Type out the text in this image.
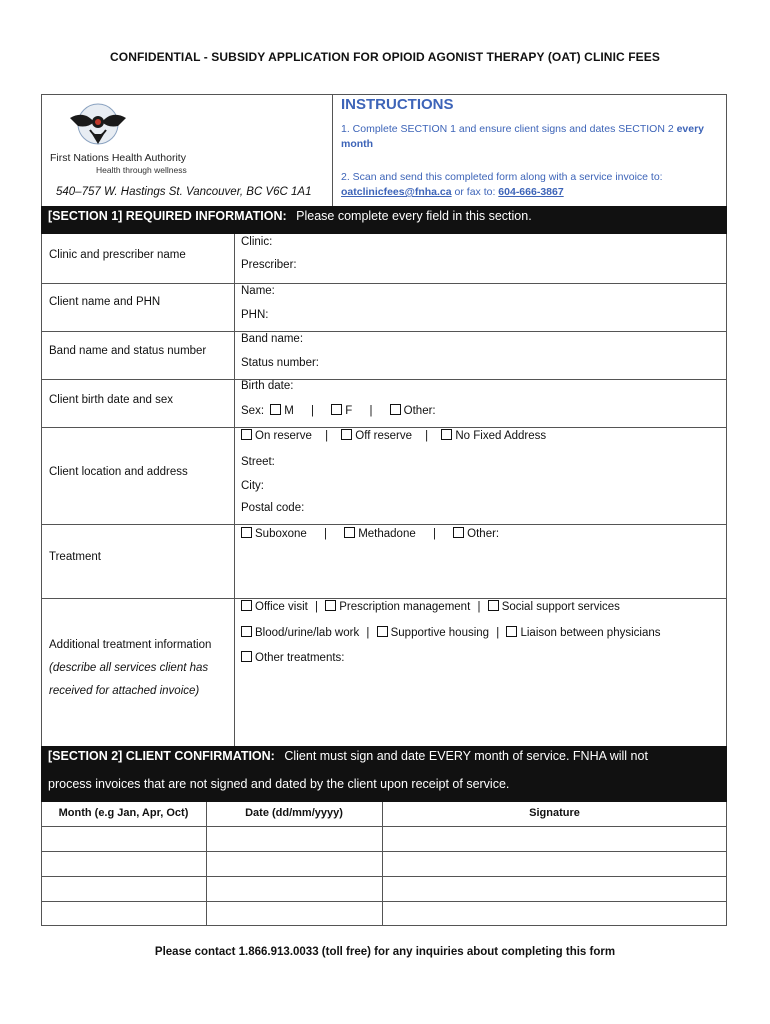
CONFIDENTIAL - SUBSIDY APPLICATION FOR OPIOID AGONIST THERAPY (OAT) CLINIC FEES
First Nations Health Authority
Health through wellness
540–757 W. Hastings St. Vancouver, BC V6C 1A1
INSTRUCTIONS
1. Complete SECTION 1 and ensure client signs and dates SECTION 2 every month
2. Scan and send this completed form along with a service invoice to:
oatclinicfees@fnha.ca or fax to: 604-666-3867
[SECTION 1] REQUIRED INFORMATION: Please complete every field in this section.
Clinic and prescriber name
Clinic:
Prescriber:
Client name and PHN
Name:
PHN:
Band name and status number
Band name:
Status number:
Client birth date and sex
Birth date:
Sex: M |	F |	Other:
Client location and address
On reserve | Off reserve | No Fixed Address
Street:
City:
Postal code:
Treatment
Suboxone |	Methadone |	Other:
Additional treatment information
(describe all services client has
received for attached invoice)
Office visit | Prescription management | Social support services
Blood/urine/lab work | Supportive housing | Liaison between physicians
Other treatments:
[SECTION 2] CLIENT CONFIRMATION: Client must sign and date EVERY month of service. FNHA will not
process invoices that are not signed and dated by the client upon receipt of service.
Month (e.g Jan, Apr, Oct)	Date (dd/mm/yyyy)	Signature
Please contact 1.866.913.0033 (toll free) for any inquiries about completing this form
